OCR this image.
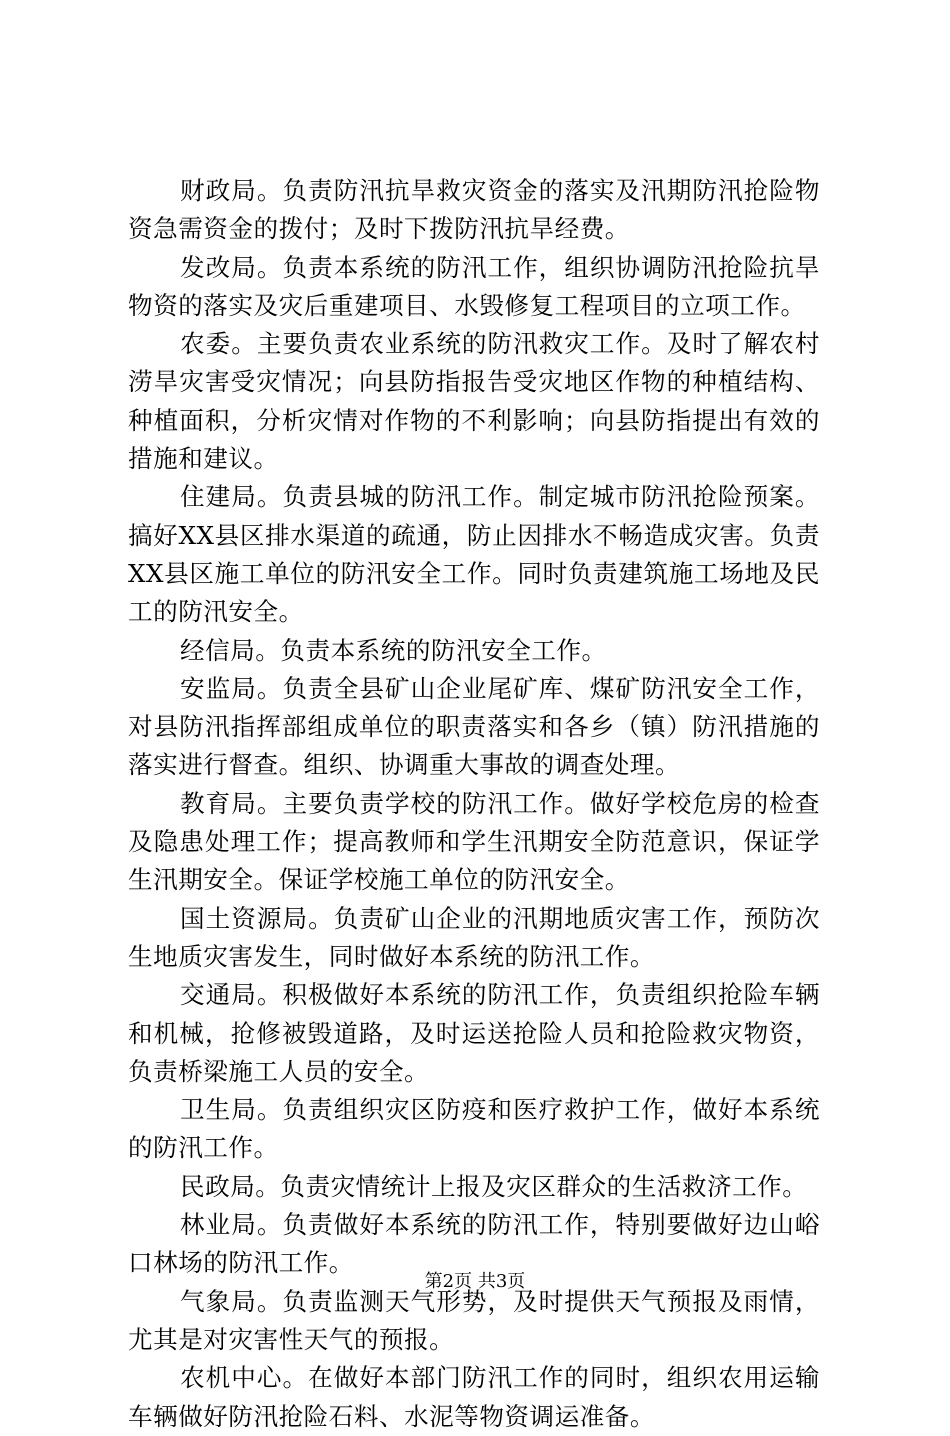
财政局。负责防汛抗旱救灾资金的落实及汛期防汛抢险物资急需资金的拨付；及时下拨防汛抗旱经费。

发改局。负责本系统的防汛工作，组织协调防汛抢险抗旱物资的落实及灾后重建项目、水毁修复工程项目的立项工作。

农委。主要负责农业系统的防汛救灾工作。及时了解农村涝旱灾害受灾情况；向县防指报告受灾地区作物的种植结构、种植面积，分析灾情对作物的不利影响；向县防指提出有效的措施和建议。

住建局。负责县城的防汛工作。制定城市防汛抢险预案。搞好XX县区排水渠道的疏通，防止因排水不畅造成灾害。负责XX县区施工单位的防汛安全工作。同时负责建筑施工场地及民工的防汛安全。

经信局。负责本系统的防汛安全工作。

安监局。负责全县矿山企业尾矿库、煤矿防汛安全工作，对县防汛指挥部组成单位的职责落实和各乡（镇）防汛措施的落实进行督查。组织、协调重大事故的调查处理。

教育局。主要负责学校的防汛工作。做好学校危房的检查及隐患处理工作；提高教师和学生汛期安全防范意识，保证学生汛期安全。保证学校施工单位的防汛安全。

国土资源局。负责矿山企业的汛期地质灾害工作，预防次生地质灾害发生，同时做好本系统的防汛工作。

交通局。积极做好本系统的防汛工作，负责组织抢险车辆和机械，抢修被毁道路，及时运送抢险人员和抢险救灾物资，负责桥梁施工人员的安全。

卫生局。负责组织灾区防疫和医疗救护工作，做好本系统的防汛工作。

民政局。负责灾情统计上报及灾区群众的生活救济工作。

林业局。负责做好本系统的防汛工作，特别要做好边山峪口林场的防汛工作。

气象局。负责监测天气形势，及时提供天气预报及雨情，尤其是对灾害性天气的预报。

农机中心。在做好本部门防汛工作的同时，组织农用运输车辆做好防汛抢险石料、水泥等物资调运准备。

第2页 共3页
